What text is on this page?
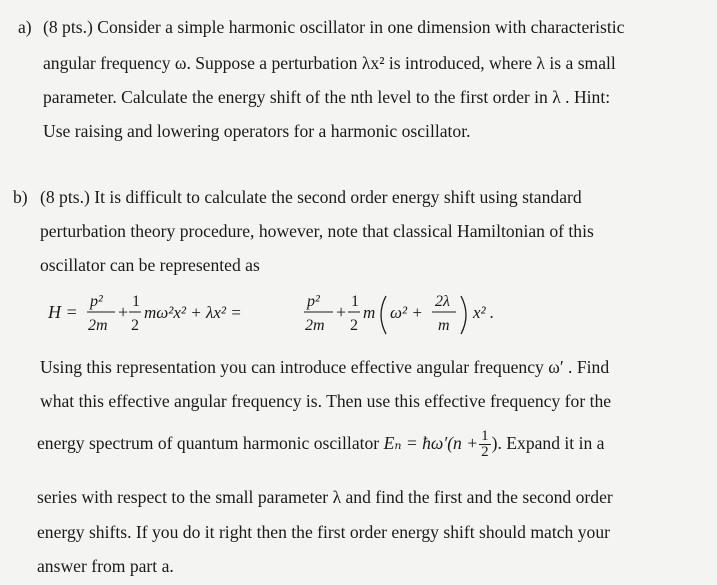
a) (8 pts.) Consider a simple harmonic oscillator in one dimension with characteristic
angular frequency ω. Suppose a perturbation λx² is introduced, where λ is a small
parameter. Calculate the energy shift of the nth level to the first order in λ . Hint:
Use raising and lowering operators for a harmonic oscillator.
b) (8 pts.) It is difficult to calculate the second order energy shift using standard
perturbation theory procedure, however, note that classical Hamiltonian of this
oscillator can be represented as
H =
p²
2m
+
1
2
mω²x² + λx² =
p²
2m
+
1
2
m ω² +
2λ
m
x² .
Using this representation you can introduce effective angular frequency ω′ . Find
what this effective angular frequency is. Then use this effective frequency for the
energy spectrum of quantum harmonic oscillator Eₙ = ħω′(n + $\frac{1}{2}$ ). Expand it in a
series with respect to the small parameter λ and find the first and the second order
energy shifts. If you do it right then the first order energy shift should match your
answer from part a.
